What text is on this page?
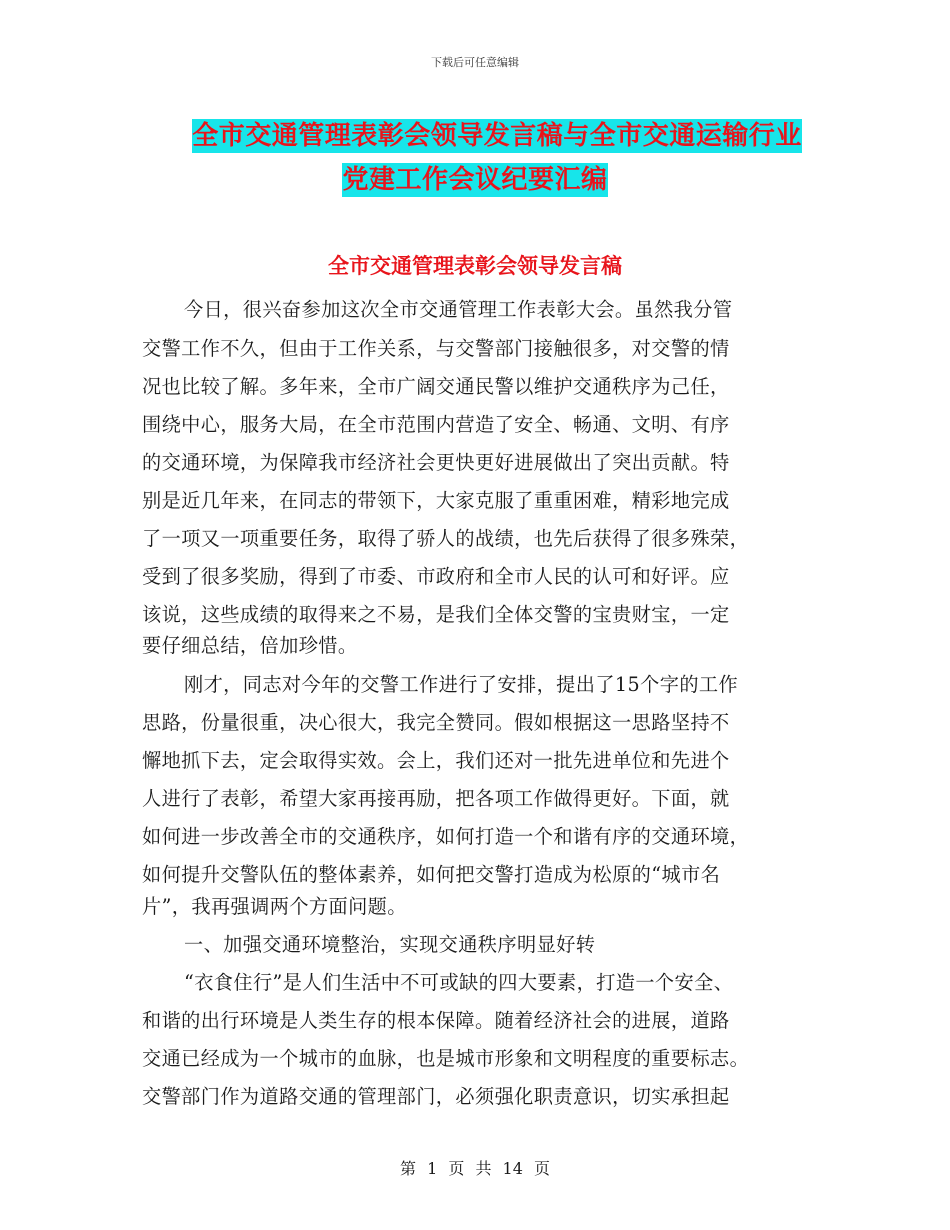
下载后可任意编辑
全市交通管理表彰会领导发言稿与全市交通运输行业
党建工作会议纪要汇编
全市交通管理表彰会领导发言稿
今日，很兴奋参加这次全市交通管理工作表彰大会。虽然我分管
交警工作不久，但由于工作关系，与交警部门接触很多，对交警的情
况也比较了解。多年来，全市广阔交通民警以维护交通秩序为己任，
围绕中心，服务大局，在全市范围内营造了安全、畅通、文明、有序
的交通环境，为保障我市经济社会更快更好进展做出了突出贡献。特
别是近几年来，在同志的带领下，大家克服了重重困难，精彩地完成
了一项又一项重要任务，取得了骄人的战绩，也先后获得了很多殊荣，
受到了很多奖励，得到了市委、市政府和全市人民的认可和好评。应
该说，这些成绩的取得来之不易，是我们全体交警的宝贵财宝，一定
要仔细总结，倍加珍惜。
刚才，同志对今年的交警工作进行了安排，提出了15个字的工作
思路，份量很重，决心很大，我完全赞同。假如根据这一思路坚持不
懈地抓下去，定会取得实效。会上，我们还对一批先进单位和先进个
人进行了表彰，希望大家再接再励，把各项工作做得更好。下面，就
如何进一步改善全市的交通秩序，如何打造一个和谐有序的交通环境，
如何提升交警队伍的整体素养，如何把交警打造成为松原的“城市名
片”，我再强调两个方面问题。
一、加强交通环境整治，实现交通秩序明显好转
“衣食住行”是人们生活中不可或缺的四大要素，打造一个安全、
和谐的出行环境是人类生存的根本保障。随着经济社会的进展，道路
交通已经成为一个城市的血脉，也是城市形象和文明程度的重要标志。
交警部门作为道路交通的管理部门，必须强化职责意识，切实承担起
第 1 页 共 14 页
